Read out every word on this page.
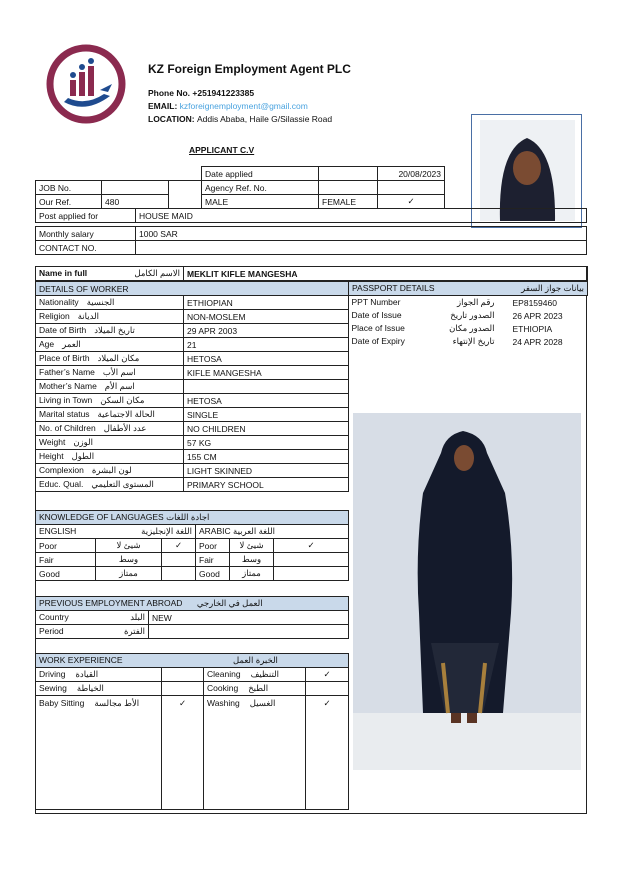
KZ Foreign Employment Agent PLC
Phone No. +251941223385
EMAIL: kzforeignemployment@gmail.com
LOCATION: Addis Ababa, Haile G/Silassie Road
APPLICANT C.V
			Date applied		20/08/2023
JOB No.			Agency Ref. No.		
Our Ref.	480		MALE	FEMALE	✓
Post applied for	HOUSE MAID
Monthly salary	1000 SAR
CONTACT NO.	
Name in full	الاسم الكامل	MEKLIT KIFLE MANGESHA
DETAILS OF WORKER	
Nationality الجنسية	ETHIOPIAN
Religion الديانة	NON-MOSLEM
Date of Birth تاريخ الميلاد	29 APR 2003
Age العمر	21
Place of Birth مكان الميلاد	HETOSA
Father’s Name اسم الأب	KIFLE MANGESHA
Mother’s Name اسم الأم	
Living in Town مكان السكن	HETOSA
Marital status الحالة الاجتماعية	SINGLE
No. of Children عدد الأطفال	NO CHILDREN
Weight الوزن	57 KG
Height الطول	155 CM
Complexion لون البشرة	LIGHT SKINNED
Educ. Qual. المستوى التعليمي	PRIMARY SCHOOL
PASSPORT DETAILS بيانات جواز السفر	

PPT Number رقم الجواز	EP8159460
Date of Issue الصدور تاريخ	26 APR 2023
Place of Issue الصدور مكان	ETHIOPIA
Date of Expiry تاريخ الإنتهاء	24 APR 2028
KNOWLEDGE OF LANGUAGES اجادة اللغات					
ENGLISH اللغة الإنجليزية			ARABIC اللغة العربية		
Poor	شيئ لا	✓	Poor	شيئ لا	✓
Fair	وسط		Fair	وسط	
Good	ممتاز		Good	ممتاز	
PREVIOUS EMPLOYMENT ABROAD العمل في الخارجي	
Country البلد	NEW
Period الفترة	

WORK EXPERIENCE الخبرة العمل			
Driving القيادة		Cleaning التنظيف	✓
Sewing الخياطة		Cooking الطبخ	
Baby Sitting الأط مجالسة	✓	Washing الغسيل	✓
